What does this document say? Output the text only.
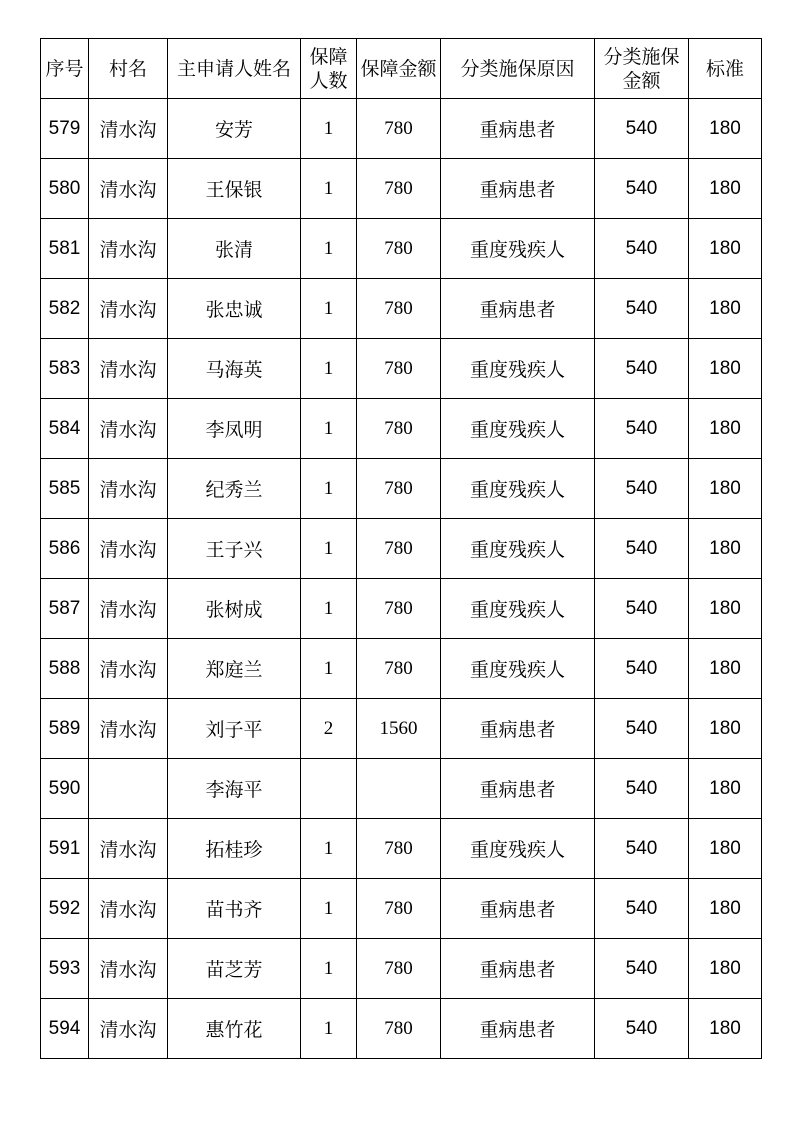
序号	村名	主申请人姓名	保障人数	保障金额	分类施保原因	分类施保金额	标准
579	清水沟	安芳	1	780	重病患者	540	180
580	清水沟	王保银	1	780	重病患者	540	180
581	清水沟	张清	1	780	重度残疾人	540	180
582	清水沟	张忠诚	1	780	重病患者	540	180
583	清水沟	马海英	1	780	重度残疾人	540	180
584	清水沟	李凤明	1	780	重度残疾人	540	180
585	清水沟	纪秀兰	1	780	重度残疾人	540	180
586	清水沟	王子兴	1	780	重度残疾人	540	180
587	清水沟	张树成	1	780	重度残疾人	540	180
588	清水沟	郑庭兰	1	780	重度残疾人	540	180
589	清水沟	刘子平	2	1560	重病患者	540	180
590		李海平			重病患者	540	180
591	清水沟	拓桂珍	1	780	重度残疾人	540	180
592	清水沟	苗书齐	1	780	重病患者	540	180
593	清水沟	苗芝芳	1	780	重病患者	540	180
594	清水沟	惠竹花	1	780	重病患者	540	180
